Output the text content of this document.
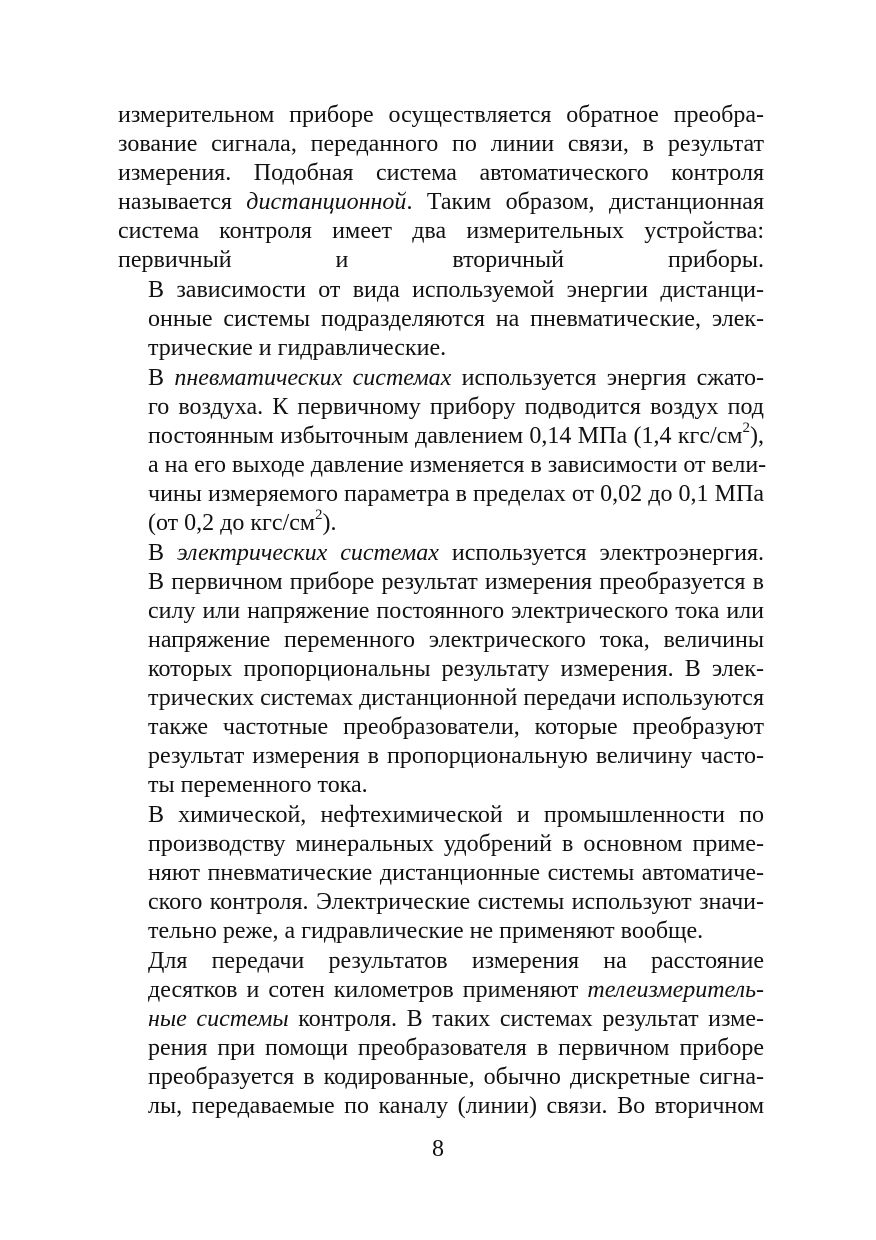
измерительном приборе осуществляется обратное преобра-
зование сигнала, переданного по линии связи, в результат
измерения. Подобная система автоматического контроля
называется дистанционной. Таким образом, дистанционная
система контроля имеет два измерительных устройства:
первичный и вторичный приборы.

В зависимости от вида используемой энергии дистанци-
онные системы подразделяются на пневматические, элек-
трические и гидравлические.

В пневматических системах используется энергия сжато-
го воздуха. К первичному прибору подводится воздух под
постоянным избыточным давлением 0,14 МПа (1,4 кгс/$см^2$),
а на его выходе давление изменяется в зависимости от вели-
чины измеряемого параметра в пределах от 0,02 до 0,1 МПа
(от 0,2 до кгс/$см^2$).

В электрических системах используется электроэнергия.
В первичном приборе результат измерения преобразуется в
силу или напряжение постоянного электрического тока или
напряжение переменного электрического тока, величины
которых пропорциональны результату измерения. В элек-
трических системах дистанционной передачи используются
также частотные преобразователи, которые преобразуют
результат измерения в пропорциональную величину часто-
ты переменного тока.

В химической, нефтехимической и промышленности по
производству минеральных удобрений в основном приме-
няют пневматические дистанционные системы автоматиче-
ского контроля. Электрические системы используют значи-
тельно реже, а гидравлические не применяют вообще.

Для передачи результатов измерения на расстояние
десятков и сотен километров применяют телеизмеритель-
ные системы контроля. В таких системах результат изме-
рения при помощи преобразователя в первичном приборе
преобразуется в кодированные, обычно дискретные сигна-
лы, передаваемые по каналу (линии) связи. Во вторичном

8
